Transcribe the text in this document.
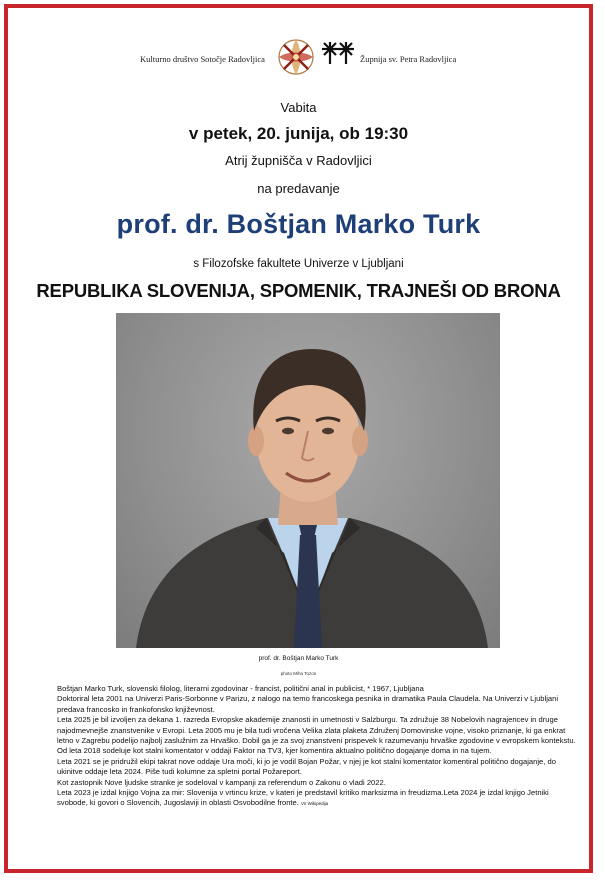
Kulturno društvo Sotočje Radovljica	Župnija sv. Petra Radovljica
Vabita
v petek, 20. junija, ob 19:30
Atrij župnišča v Radovljici
na predavanje
prof. dr. Boštjan Marko Turk
s Filozofske fakultete Univerze v Ljubljani
REPUBLIKA SLOVENIJA, SPOMENIK, TRAJNEŠI OD BRONA
prof. dr. Boštjan Marko Turk
photo Miha Tozon

Boštjan Marko Turk, slovenski filolog, literarni zgodovinar - francist, politični anal in publicist, * 1967, Ljubljana

Doktoriral leta 2001 na Univerzi Paris-Sorbonne v Parizu, z nalogo na temo francoskega pesnika in dramatika Paula Claudela. Na Univerzi v Ljubljani predava francosko in frankofonsko književnost.

Leta 2025 je bil izvoljen za dekana 1. razreda Evropske akademije znanosti in umetnosti v Salzburgu. Ta združuje 38 Nobelovih nagrajencev in druge najodmevnejše znanstvenike v Evropi. Leta 2005 mu je bila tudi vročena Velika zlata plaketa Združenj Domovinske vojne, visoko priznanje, ki ga enkrat letno v Zagrebu podelijo najbolj zaslužnim za Hrvaško. Dobil ga je za svoj znanstveni prispevek k razumevanju hrvaške zgodovine v evropskem kontekstu.

Od leta 2018 sodeluje kot stalni komentator v oddaji Faktor na TV3, kjer komentira aktualno politično dogajanje doma in na tujem.

Leta 2021 se je pridružil ekipi takrat nove oddaje Ura moči, ki jo je vodil Bojan Požar, v njej je kot stalni komentator komentiral politično dogajanje, do ukinitve oddaje leta 2024. Piše tudi kolumne za spletni portal Požareport.

Kot zastopnik Nove ljudske stranke je sodeloval v kampanji za referendum o Zakonu o vladi 2022.

Leta 2023 je izdal knjigo Vojna za mir: Slovenija v vrtincu krize, v kateri je predstavil kritiko marksizma in freudizma.Leta 2024 je izdal knjigo Jetniki svobode, ki govori o Slovencih, Jugoslaviji in oblasti Osvobodilne fronte. Vir Wikipedija
